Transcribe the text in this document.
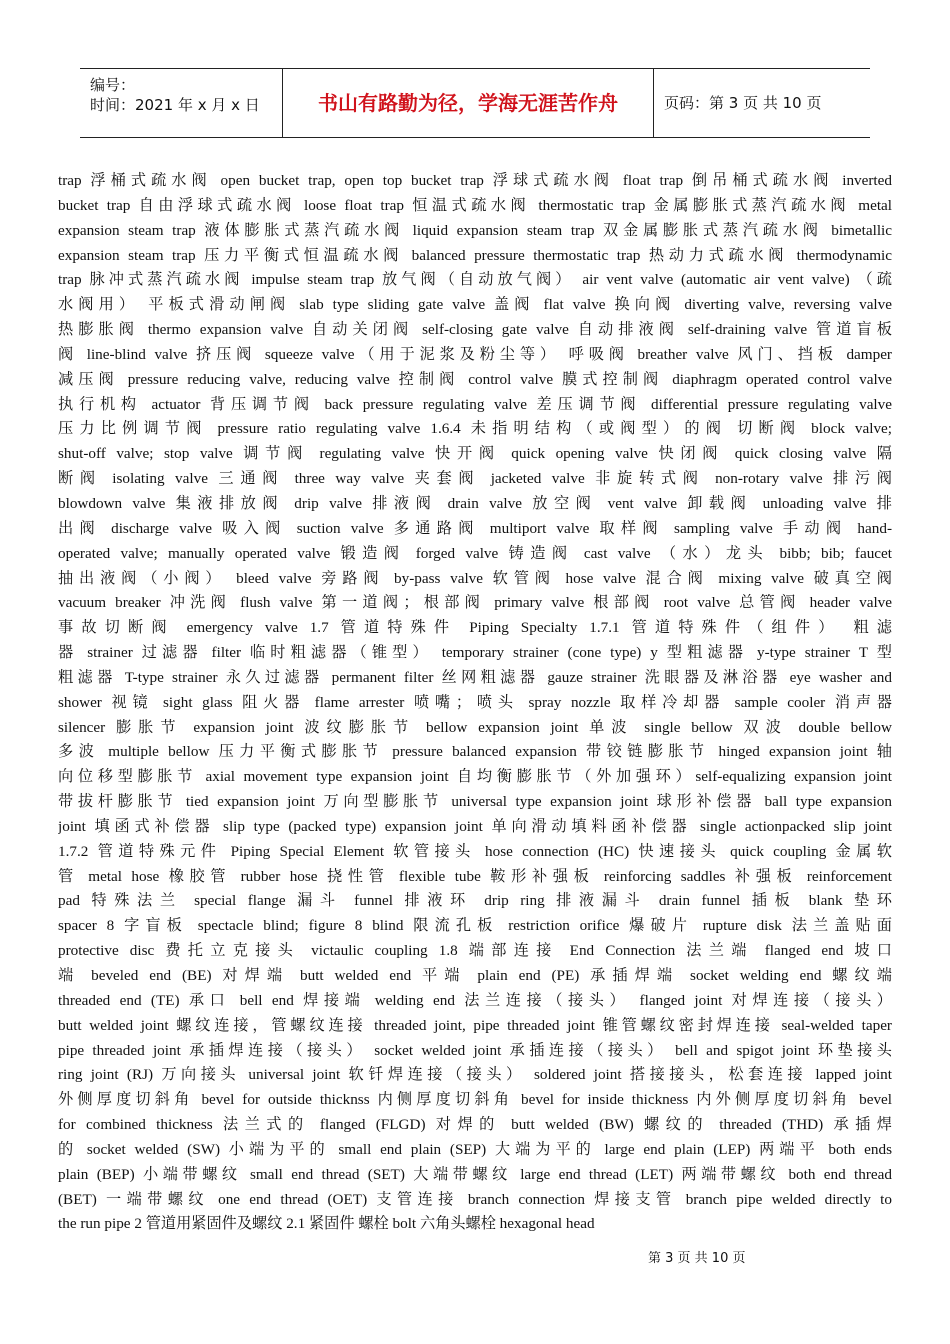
编号：
时间：2021 年 x 月 x 日	书山有路勤为径，学海无涯苦作舟	页码：第 3 页 共 10 页
trap 浮桶式疏水阀 open bucket trap, open top bucket trap 浮球式疏水阀 float trap 倒吊桶式疏水阀 inverted
bucket trap 自由浮球式疏水阀 loose float trap 恒温式疏水阀 thermostatic trap 金属膨胀式蒸汽疏水阀 metal
expansion steam trap 液体膨胀式蒸汽疏水阀 liquid expansion steam trap 双金属膨胀式蒸汽疏水阀 bimetallic
expansion steam trap 压力平衡式恒温疏水阀 balanced pressure thermostatic trap 热动力式疏水阀 thermodynamic
trap 脉冲式蒸汽疏水阀 impulse steam trap 放气阀（自动放气阀） air vent valve (automatic air vent valve) （疏
水阀用） 平板式滑动闸阀 slab type sliding gate valve 盖阀 flat valve 换向阀 diverting valve, reversing valve
热膨胀阀 thermo expansion valve 自动关闭阀 self-closing gate valve 自动排液阀 self-draining valve 管道盲板
阀 line-blind valve 挤压阀 squeeze valve（用于泥浆及粉尘等） 呼吸阀 breather valve 风门、挡板 damper
减压阀 pressure reducing valve, reducing valve 控制阀 control valve 膜式控制阀 diaphragm operated control valve
执行机构 actuator 背压调节阀 back pressure regulating valve 差压调节阀 differential pressure regulating valve
压力比例调节阀 pressure ratio regulating valve 1.6.4 未指明结构（或阀型）的阀 切断阀 block valve;
shut-off valve; stop valve 调节阀 regulating valve 快开阀 quick opening valve 快闭阀 quick closing valve 隔
断阀 isolating valve 三通阀 three way valve 夹套阀 jacketed valve 非旋转式阀 non-rotary valve 排污阀
blowdown valve 集液排放阀 drip valve 排液阀 drain valve 放空阀 vent valve 卸载阀 unloading valve 排
出阀 discharge valve 吸入阀 suction valve 多通路阀 multiport valve 取样阀 sampling valve 手动阀 hand-
operated valve; manually operated valve 锻造阀 forged valve 铸造阀 cast valve （水）龙头 bibb; bib; faucet
抽出液阀（小阀） bleed valve 旁路阀 by-pass valve 软管阀 hose valve 混合阀 mixing valve 破真空阀
vacuum breaker 冲洗阀 flush valve 第一道阀；根部阀 primary valve 根部阀 root valve 总管阀 header valve
事故切断阀 emergency valve 1.7 管道特殊件 Piping Specialty 1.7.1 管道特殊件（组件） 粗滤
器 strainer 过滤器 filter 临时粗滤器（锥型） temporary strainer (cone type) y 型粗滤器 y-type strainer T 型
粗滤器 T-type strainer 永久过滤器 permanent filter 丝网粗滤器 gauze strainer 洗眼器及淋浴器 eye washer and
shower 视镜 sight glass 阻火器 flame arrester 喷嘴；喷头 spray nozzle 取样冷却器 sample cooler 消声器
silencer 膨胀节 expansion joint 波纹膨胀节 bellow expansion joint 单波 single bellow 双波 double bellow
多波 multiple bellow 压力平衡式膨胀节 pressure balanced expansion 带铰链膨胀节 hinged expansion joint 轴
向位移型膨胀节 axial movement type expansion joint 自均衡膨胀节（外加强环）self-equalizing expansion joint
带拔杆膨胀节 tied expansion joint 万向型膨胀节 universal type expansion joint 球形补偿器 ball type expansion
joint 填函式补偿器 slip type (packed type) expansion joint 单向滑动填料函补偿器 single actionpacked slip joint
1.7.2 管道特殊元件 Piping Special Element 软管接头 hose connection (HC) 快速接头 quick coupling 金属软
管 metal hose 橡胶管 rubber hose 挠性管 flexible tube 鞍形补强板 reinforcing saddles 补强板 reinforcement
pad 特殊法兰 special flange 漏斗 funnel 排液环 drip ring 排液漏斗 drain funnel 插板 blank 垫环
spacer 8 字盲板 spectacle blind; figure 8 blind 限流孔板 restriction orifice 爆破片 rupture disk 法兰盖贴面
protective disc 费托立克接头 victaulic coupling 1.8 端部连接 End Connection 法兰端 flanged end 坡口
端 beveled end (BE) 对焊端 butt welded end 平端 plain end (PE) 承插焊端 socket welding end 螺纹端
threaded end (TE) 承口 bell end 焊接端 welding end 法兰连接（接头） flanged joint 对焊连接（接头）
butt welded joint 螺纹连接，管螺纹连接 threaded joint, pipe threaded joint 锥管螺纹密封焊连接 seal-welded taper
pipe threaded joint 承插焊连接（接头） socket welded joint 承插连接（接头） bell and spigot joint 环垫接头
ring joint (RJ) 万向接头 universal joint 软钎焊连接（接头） soldered joint 搭接接头，松套连接 lapped joint
外侧厚度切斜角 bevel for outside thicknss 内侧厚度切斜角 bevel for inside thickness 内外侧厚度切斜角 bevel
for combined thickness 法兰式的 flanged (FLGD) 对焊的 butt welded (BW) 螺纹的 threaded (THD) 承插焊
的 socket welded (SW) 小端为平的 small end plain (SEP) 大端为平的 large end plain (LEP) 两端平 both ends
plain (BEP) 小端带螺纹 small end thread (SET) 大端带螺纹 large end thread (LET) 两端带螺纹 both end thread
(BET) 一端带螺纹 one end thread (OET) 支管连接 branch connection 焊接支管 branch pipe welded directly to
the run pipe 2 管道用紧固件及螺纹 2.1 紧固件 螺栓 bolt 六角头螺栓 hexagonal head
第 3 页 共 10 页
